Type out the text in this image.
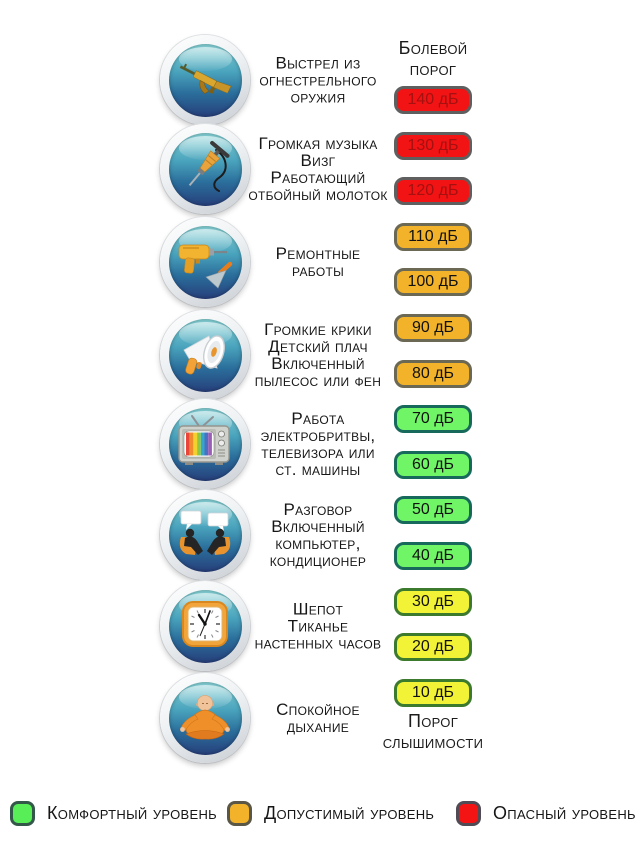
Выстрел из
огнестрельного
оружия
Громкая музыка
Визг
Работающий
отбойный молоток
Ремонтные
работы
Громкие крики
Детский плач
Включенный
пылесос или фен
Работа
электробритвы,
телевизора или
ст. машины
Разговор
Включенный
компьютер,
кондиционер
Шепот
Тиканье
настенных часов
Спокойное
дыхание
Болевой
порог
140 дБ
130 дБ
120 дБ
110 дБ
100 дБ
90 дБ
80 дБ
70 дБ
60 дБ
50 дБ
40 дБ
30 дБ
20 дБ
10 дБ
Порог
слышимости
Комфортный уровень	Допустимый уровень	Опасный уровень
